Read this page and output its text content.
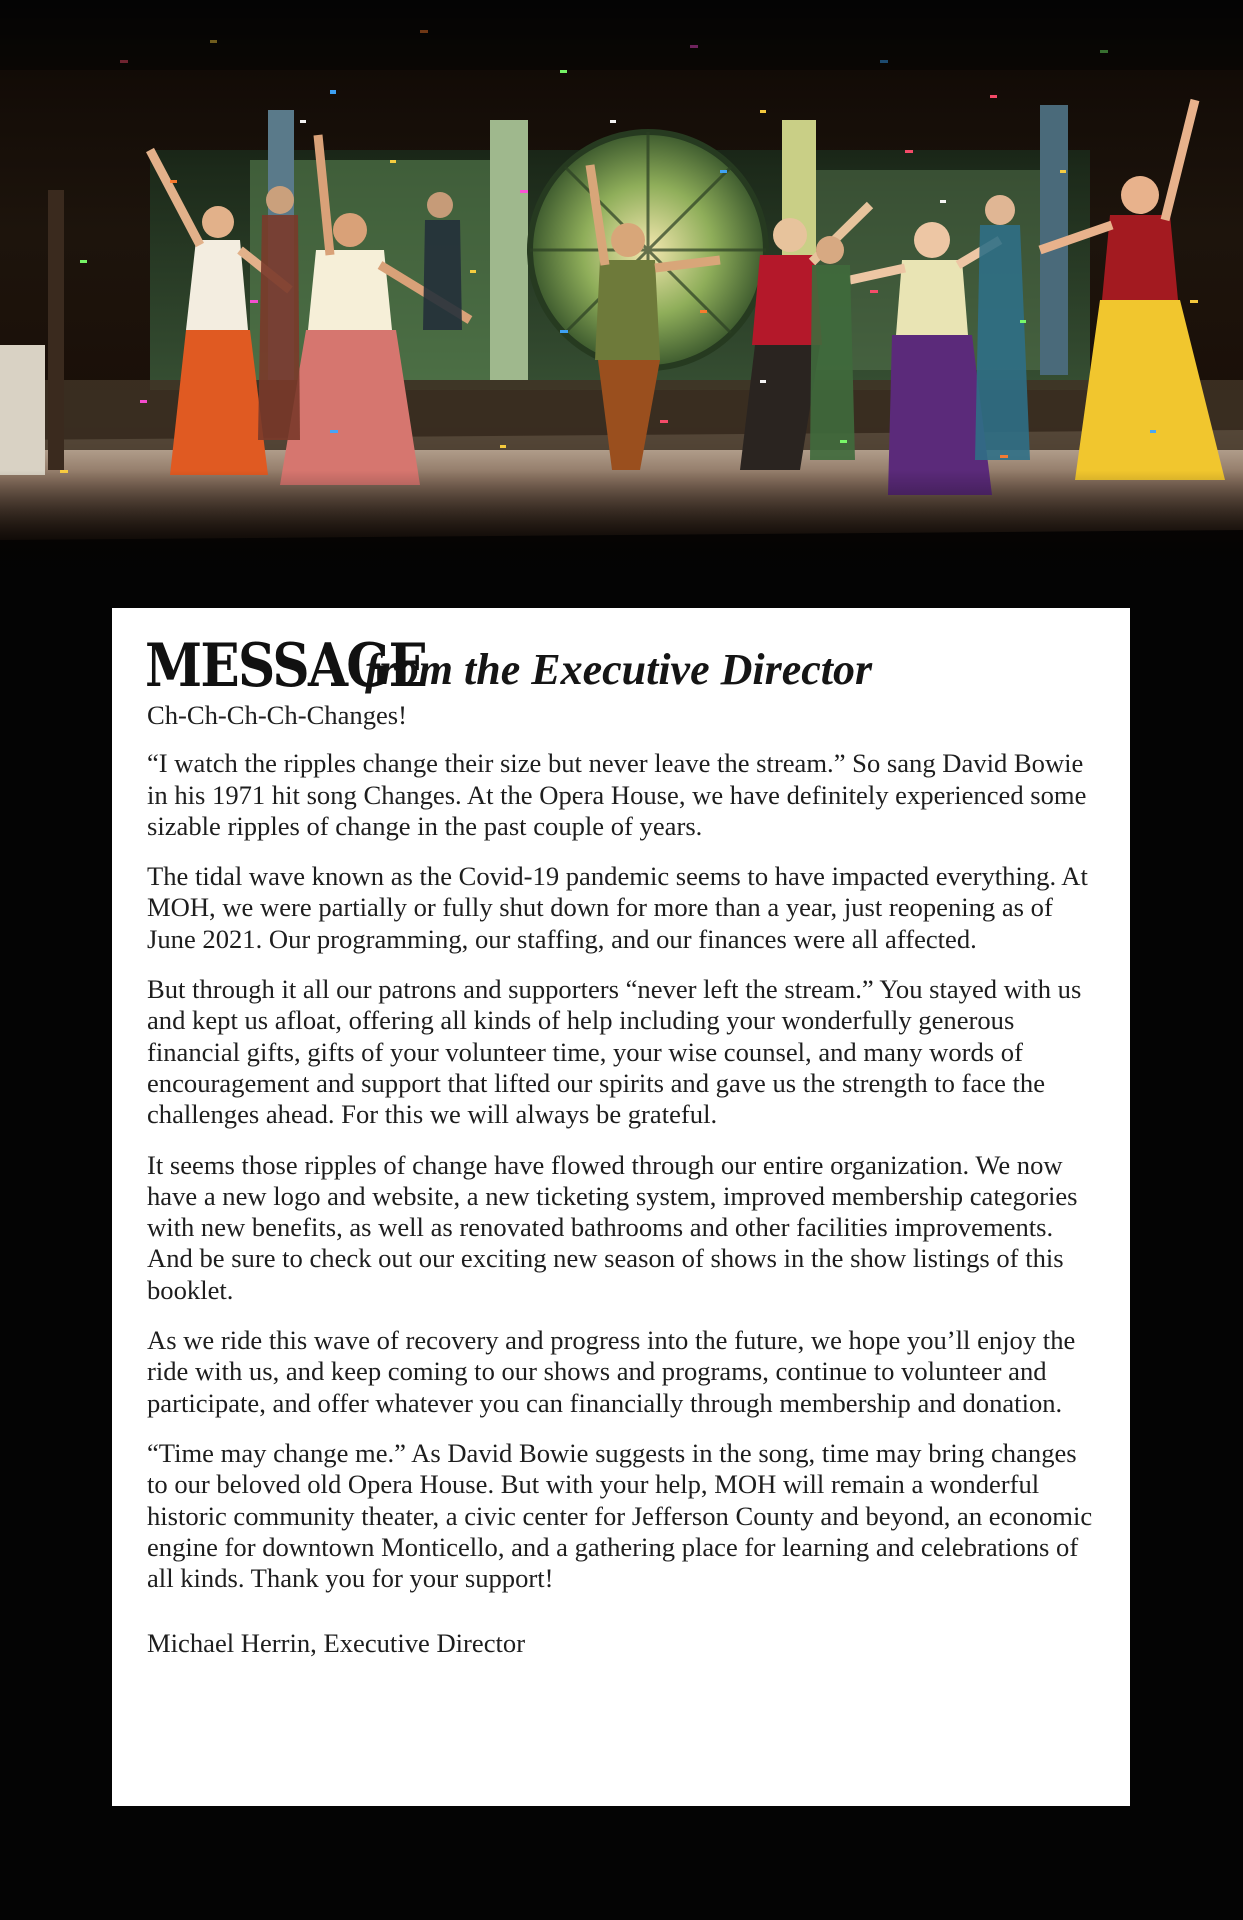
MESSAGE
from the Executive Director

Ch-Ch-Ch-Ch-Changes!

“I watch the ripples change their size but never leave the stream.” So sang David Bowie in his 1971 hit song Changes. At the Opera House, we have definitely experienced some sizable ripples of change in the past couple of years.

The tidal wave known as the Covid-19 pandemic seems to have impacted everything. At MOH, we were partially or fully shut down for more than a year, just reopening as of June 2021. Our programming, our staffing, and our finances were all affected.

But through it all our patrons and supporters “never left the stream.” You stayed with us and kept us afloat, offering all kinds of help including your wonderfully generous financial gifts, gifts of your volunteer time, your wise counsel, and many words of encouragement and support that lifted our spirits and gave us the strength to face the challenges ahead. For this we will always be grateful.

It seems those ripples of change have flowed through our entire organization. We now have a new logo and website, a new ticketing system, improved membership categories with new benefits, as well as renovated bathrooms and other facilities improvements. And be sure to check out our exciting new season of shows in the show listings of this booklet.

As we ride this wave of recovery and progress into the future, we hope you’ll enjoy the ride with us, and keep coming to our shows and programs, continue to volunteer and participate, and offer whatever you can financially through membership and donation.

“Time may change me.” As David Bowie suggests in the song, time may bring changes to our beloved old Opera House. But with your help, MOH will remain a wonderful historic community theater, a civic center for Jefferson County and beyond, an economic engine for downtown Monticello, and a gathering place for learning and celebrations of all kinds. Thank you for your support!

Michael Herrin, Executive Director
